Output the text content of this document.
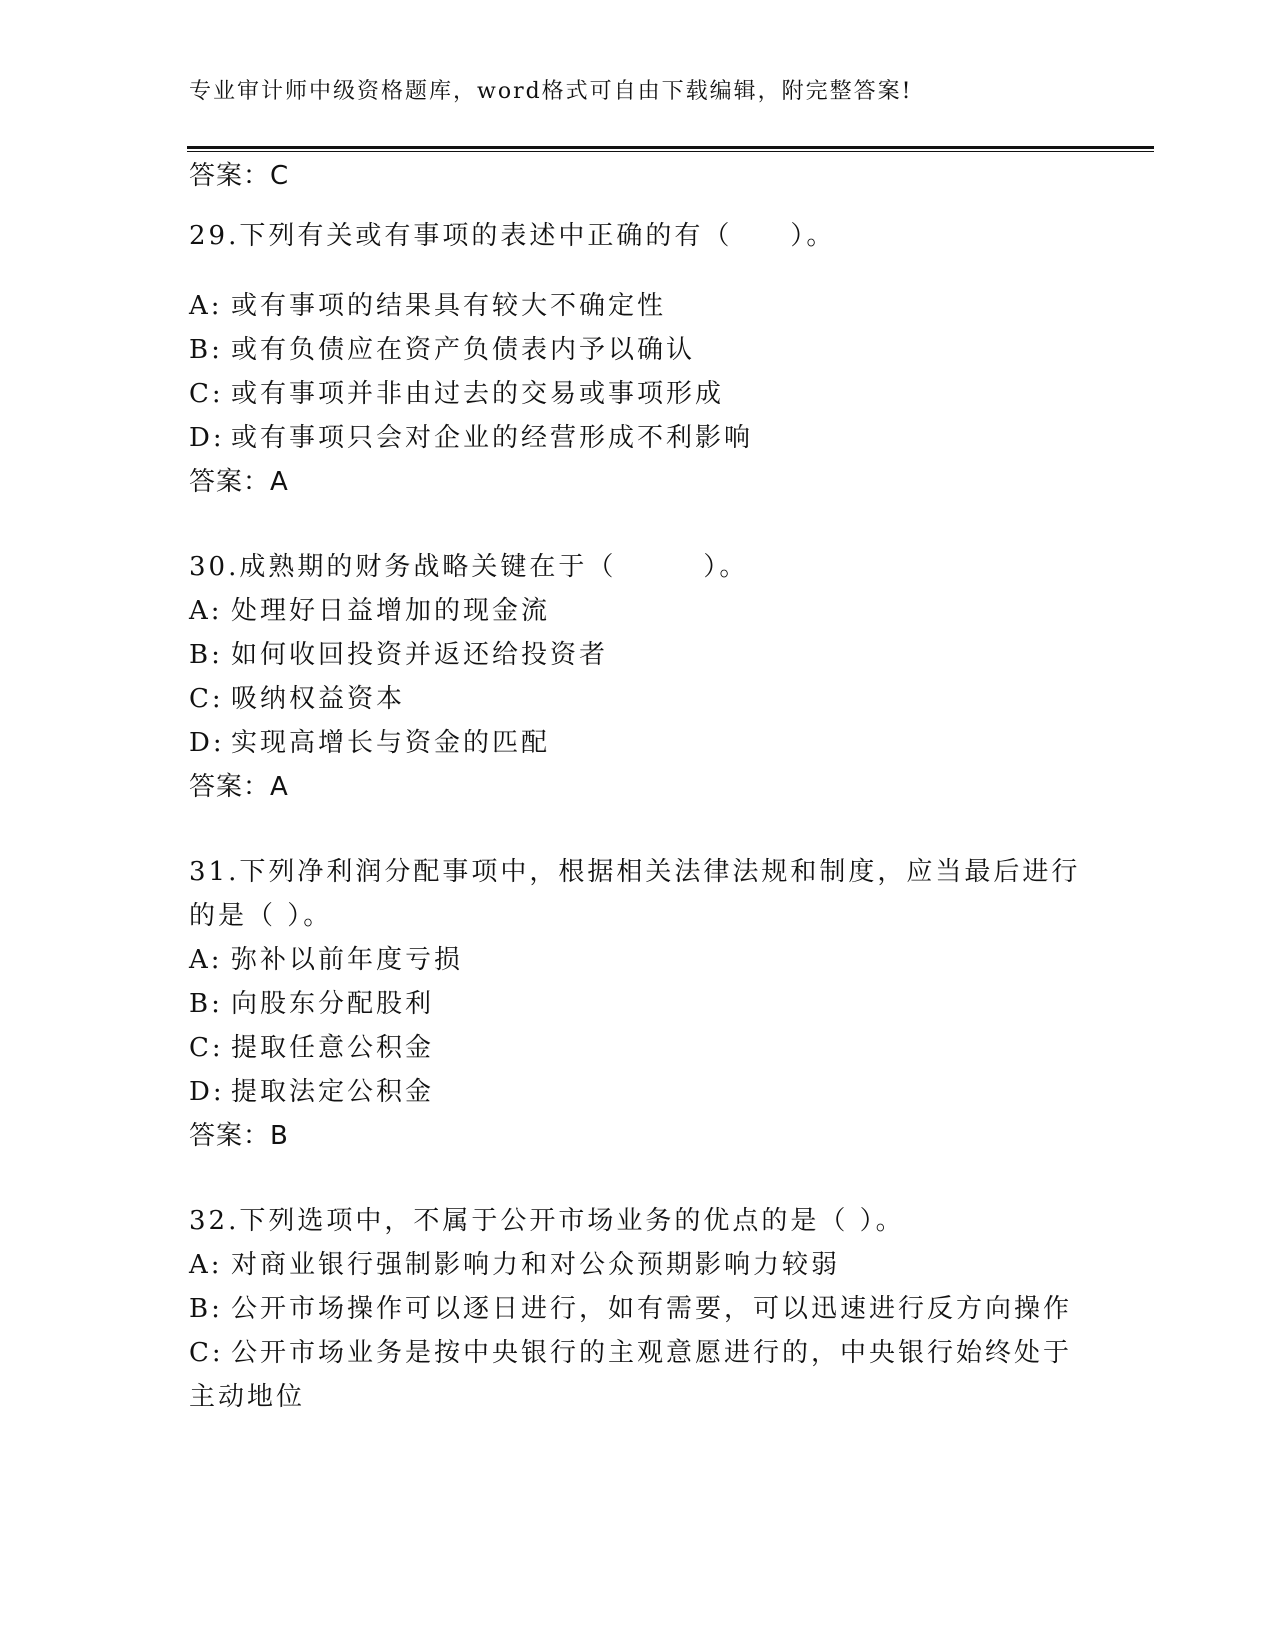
专业审计师中级资格题库，word格式可自由下载编辑，附完整答案!
答案：C
29.下列有关或有事项的表述中正确的有（　　）。
A: 或有事项的结果具有较大不确定性
B: 或有负债应在资产负债表内予以确认
C: 或有事项并非由过去的交易或事项形成
D: 或有事项只会对企业的经营形成不利影响
答案：A
30.成熟期的财务战略关键在于（　　　）。
A: 处理好日益增加的现金流
B: 如何收回投资并返还给投资者
C: 吸纳权益资本
D: 实现高增长与资金的匹配
答案：A
31.下列净利润分配事项中，根据相关法律法规和制度，应当最后进行
的是（ ）。
A: 弥补以前年度亏损
B: 向股东分配股利
C: 提取任意公积金
D: 提取法定公积金
答案：B
32.下列选项中，不属于公开市场业务的优点的是（ ）。
A: 对商业银行强制影响力和对公众预期影响力较弱
B: 公开市场操作可以逐日进行，如有需要，可以迅速进行反方向操作
C: 公开市场业务是按中央银行的主观意愿进行的，中央银行始终处于
主动地位
